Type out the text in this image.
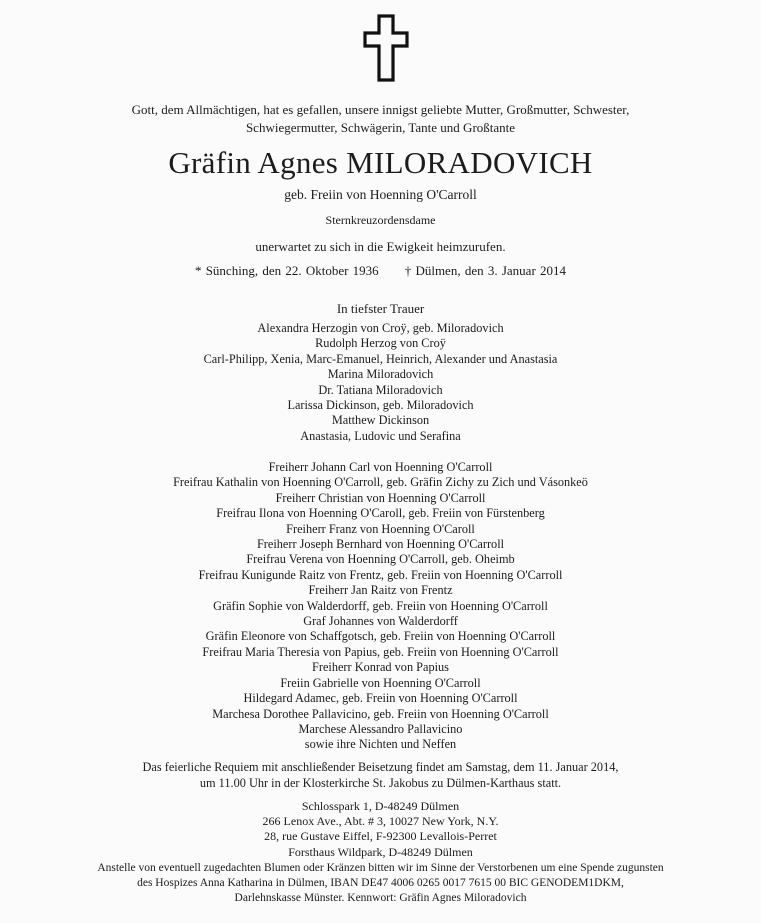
Gott, dem Allmächtigen, hat es gefallen, unsere innigst geliebte Mutter, Großmutter, Schwester,
Schwiegermutter, Schwägerin, Tante und Großtante
Gräfin Agnes MILORADOVICH
geb. Freiin von Hoenning O'Carroll
Sternkreuzordensdame
unerwartet zu sich in die Ewigkeit heimzurufen.
* Sünching, den 22. Oktober 1936 † Dülmen, den 3. Januar 2014
In tiefster Trauer
Alexandra Herzogin von Croÿ, geb. Miloradovich
Rudolph Herzog von Croÿ
Carl-Philipp, Xenia, Marc-Emanuel, Heinrich, Alexander und Anastasia
Marina Miloradovich
Dr. Tatiana Miloradovich
Larissa Dickinson, geb. Miloradovich
Matthew Dickinson
Anastasia, Ludovic und Serafina
Freiherr Johann Carl von Hoenning O'Carroll
Freifrau Kathalin von Hoenning O'Carroll, geb. Gräfin Zichy zu Zich und Vásonkeö
Freiherr Christian von Hoenning O'Carroll
Freifrau Ilona von Hoenning O'Caroll, geb. Freiin von Fürstenberg
Freiherr Franz von Hoenning O'Caroll
Freiherr Joseph Bernhard von Hoenning O'Carroll
Freifrau Verena von Hoenning O'Carroll, geb. Oheimb
Freifrau Kunigunde Raitz von Frentz, geb. Freiin von Hoenning O'Carroll
Freiherr Jan Raitz von Frentz
Gräfin Sophie von Walderdorff, geb. Freiin von Hoenning O'Carroll
Graf Johannes von Walderdorff
Gräfin Eleonore von Schaffgotsch, geb. Freiin von Hoenning O'Carroll
Freifrau Maria Theresia von Papius, geb. Freiin von Hoenning O'Carroll
Freiherr Konrad von Papius
Freiin Gabrielle von Hoenning O'Carroll
Hildegard Adamec, geb. Freiin von Hoenning O'Carroll
Marchesa Dorothee Pallavicino, geb. Freiin von Hoenning O'Carroll
Marchese Alessandro Pallavicino
sowie ihre Nichten und Neffen
Das feierliche Requiem mit anschließender Beisetzung findet am Samstag, dem 11. Januar 2014,
um 11.00 Uhr in der Klosterkirche St. Jakobus zu Dülmen-Karthaus statt.
Schlosspark 1, D-48249 Dülmen
266 Lenox Ave., Abt. # 3, 10027 New York, N.Y.
28, rue Gustave Eiffel, F-92300 Levallois-Perret
Forsthaus Wildpark, D-48249 Dülmen
Anstelle von eventuell zugedachten Blumen oder Kränzen bitten wir im Sinne der Verstorbenen um eine Spende zugunsten
des Hospizes Anna Katharina in Dülmen, IBAN DE47 4006 0265 0017 7615 00 BIC GENODEM1DKM,
Darlehnskasse Münster. Kennwort: Gräfin Agnes Miloradovich
